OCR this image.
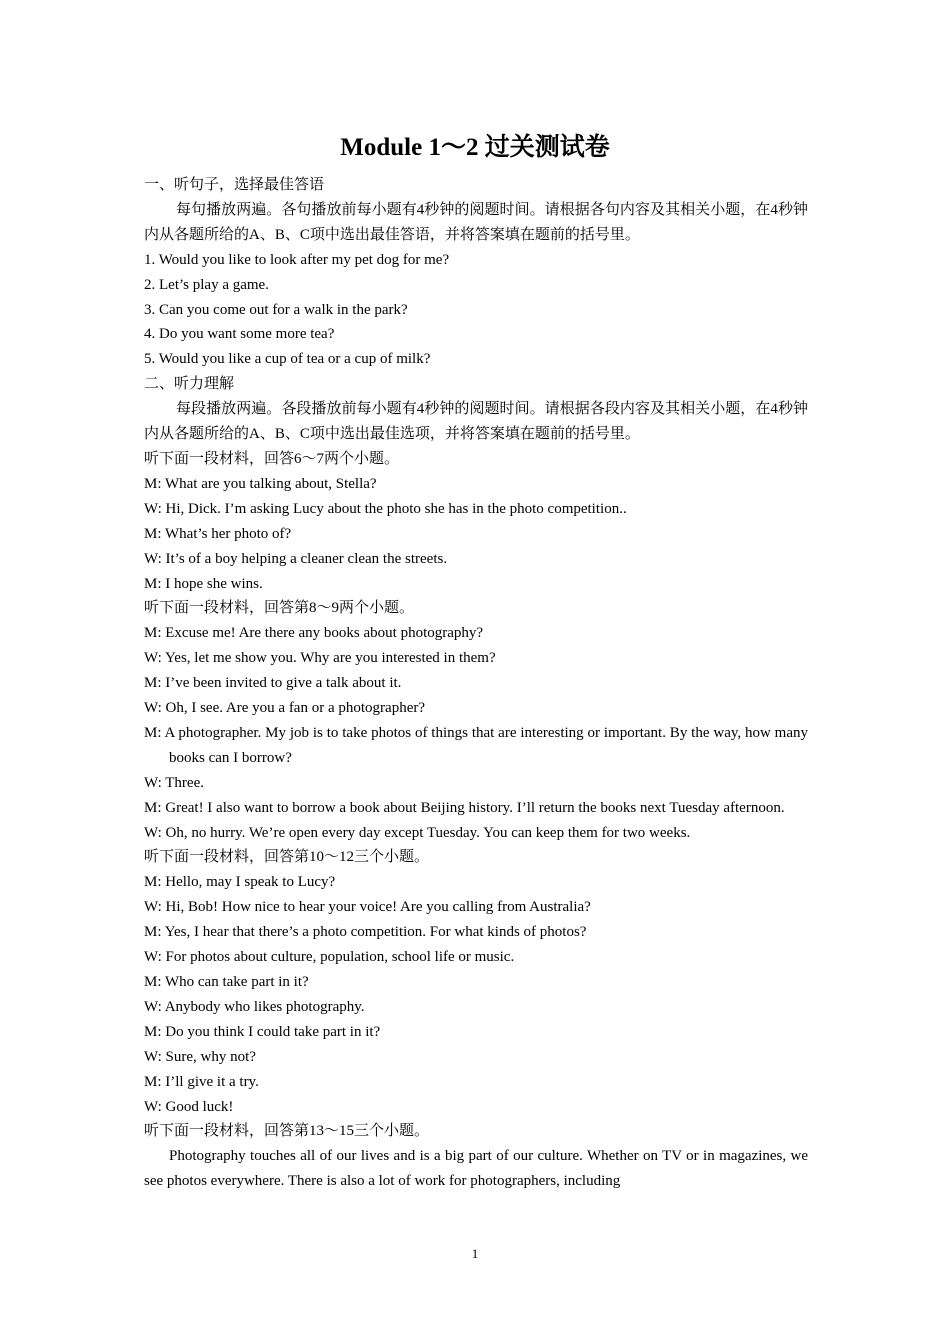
Module 1～2 过关测试卷
一、听句子，选择最佳答语
每句播放两遍。各句播放前每小题有4秒钟的阅题时间。请根据各句内容及其相关小题，在4秒钟内从各题所给的A、B、C项中选出最佳答语，并将答案填在题前的括号里。
1. Would you like to look after my pet dog for me?
2. Let’s play a game.
3. Can you come out for a walk in the park?
4. Do you want some more tea?
5. Would you like a cup of tea or a cup of milk?
二、听力理解
每段播放两遍。各段播放前每小题有4秒钟的阅题时间。请根据各段内容及其相关小题，在4秒钟内从各题所给的A、B、C项中选出最佳选项，并将答案填在题前的括号里。
听下面一段材料，回答6～7两个小题。
M: What are you talking about, Stella?
W: Hi, Dick. I’m asking Lucy about the photo she has in the photo competition..
M: What’s her photo of?
W: It’s of a boy helping a cleaner clean the streets.
M: I hope she wins.
听下面一段材料，回答第8～9两个小题。
M: Excuse me! Are there any books about photography?
W: Yes, let me show you. Why are you interested in them?
M: I’ve been invited to give a talk about it.
W: Oh, I see. Are you a fan or a photographer?
M: A photographer. My job is to take photos of things that are interesting or important. By the way, how many books can I borrow?
W: Three.
M: Great! I also want to borrow a book about Beijing history. I’ll return the books next Tuesday afternoon.
W: Oh, no hurry. We’re open every day except Tuesday. You can keep them for two weeks.
听下面一段材料，回答第10～12三个小题。
M: Hello, may I speak to Lucy?
W: Hi, Bob! How nice to hear your voice! Are you calling from Australia?
M: Yes, I hear that there’s a photo competition. For what kinds of photos?
W: For photos about culture, population, school life or music.
M: Who can take part in it?
W: Anybody who likes photography.
M: Do you think I could take part in it?
W: Sure, why not?
M: I’ll give it a try.
W: Good luck!
听下面一段材料，回答第13～15三个小题。
Photography touches all of our lives and is a big part of our culture. Whether on TV or in magazines, we see photos everywhere. There is also a lot of work for photographers, including
1
